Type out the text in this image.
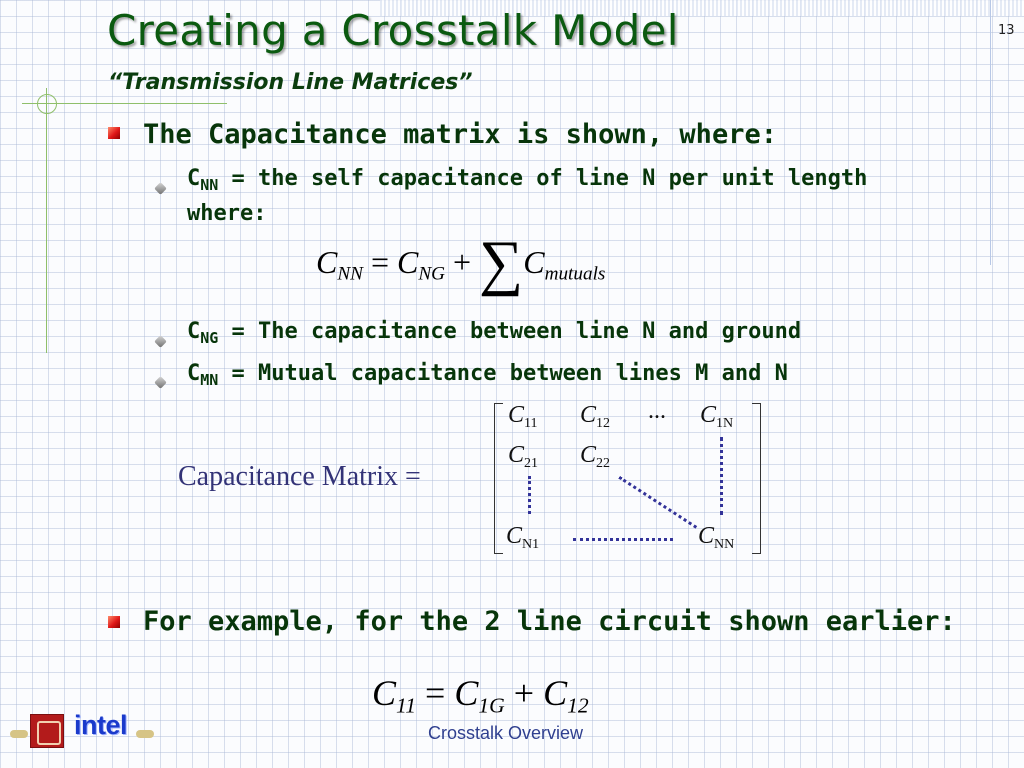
Creating a Crosstalk Model
“Transmission Line Matrices”
13
The Capacitance matrix is shown, where:
$C_{NN}$ = the self capacitance of line N per unit length
where:
$C_{NN} = C_{NG} + \sum C_{mutuals}$
$C_{NG}$ = The capacitance between line N and ground
$C_{MN}$ = Mutual capacitance between lines M and N
Capacitance Matrix =
$C_{11}$ $C_{12}$ ... $C_{1N}$
$C_{21}$ $C_{22}$
$C_{N1}$	$C_{NN}$
For example, for the 2 line circuit shown earlier:
$C_{11} = C_{1G} + C_{12}$
intel	Crosstalk Overview
